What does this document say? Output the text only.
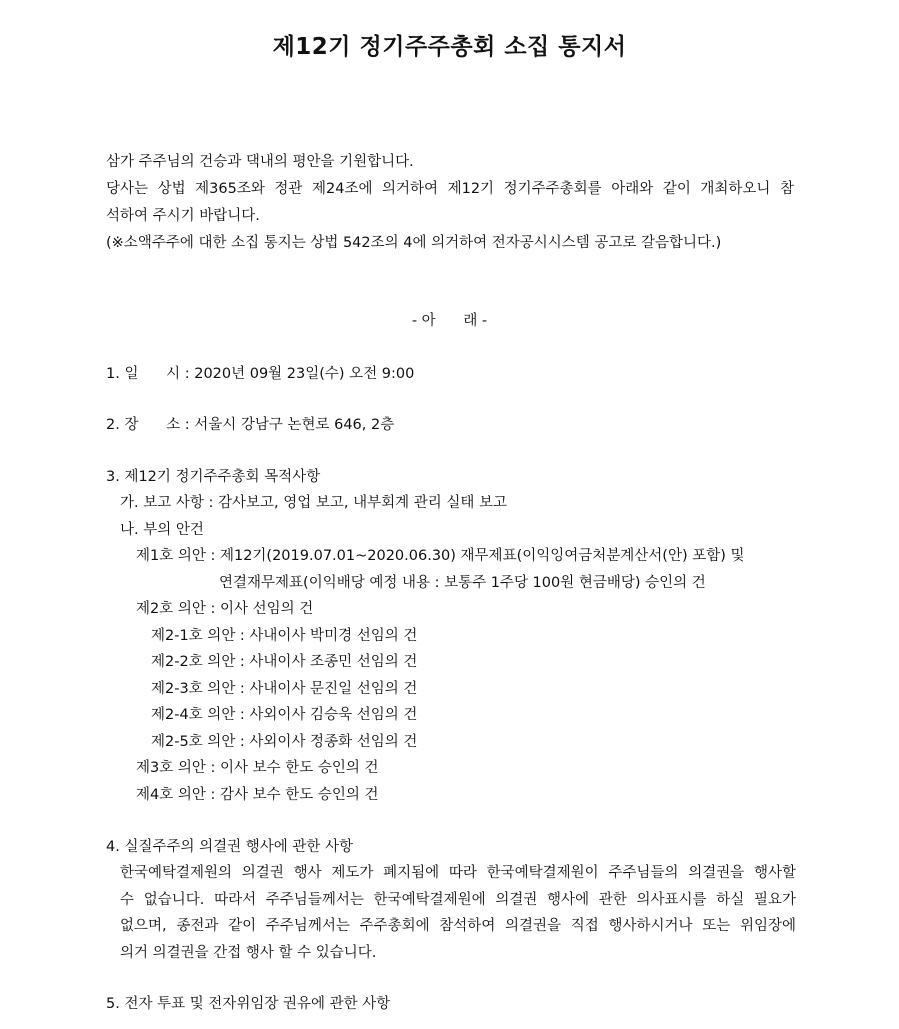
제12기 정기주주총회 소집 통지서
삼가 주주님의 건승과 댁내의 평안을 기원합니다.
당사는 상법 제365조와 정관 제24조에 의거하여 제12기 정기주주총회를 아래와 같이 개최하오니 참
석하여 주시기 바랍니다.
(※소액주주에 대한 소집 통지는 상법 542조의 4에 의거하여 전자공시시스템 공고로 갈음합니다.)
- 아      래 -
1. 일      시 : 2020년 09월 23일(수) 오전 9:00
2. 장      소 : 서울시 강남구 논현로 646, 2층
3. 제12기 정기주주총회 목적사항
가. 보고 사항 : 감사보고, 영업 보고, 내부회계 관리 실태 보고
나. 부의 안건
제1호 의안 : 제12기(2019.07.01~2020.06.30) 재무제표(이익잉여금처분계산서(안) 포함) 및
연결재무제표(이익배당 예정 내용 : 보통주 1주당 100원 현금배당) 승인의 건
제2호 의안 : 이사 선임의 건
제2-1호 의안 : 사내이사 박미경 선임의 건
제2-2호 의안 : 사내이사 조종민 선임의 건
제2-3호 의안 : 사내이사 문진일 선임의 건
제2-4호 의안 : 사외이사 김승욱 선임의 건
제2-5호 의안 : 사외이사 정종화 선임의 건
제3호 의안 : 이사 보수 한도 승인의 건
제4호 의안 : 감사 보수 한도 승인의 건
4. 실질주주의 의결권 행사에 관한 사항
한국예탁결제원의 의결권 행사 제도가 폐지됨에 따라 한국예탁결제원이 주주님들의 의결권을 행사할
수 없습니다. 따라서 주주님들께서는 한국예탁결제원에 의결권 행사에 관한 의사표시를 하실 필요가
없으며, 종전과 같이 주주님께서는 주주총회에 참석하여 의결권을 직접 행사하시거나 또는 위임장에
의거 의결권을 간접 행사 할 수 있습니다.
5. 전자 투표 및 전자위임장 권유에 관한 사항
